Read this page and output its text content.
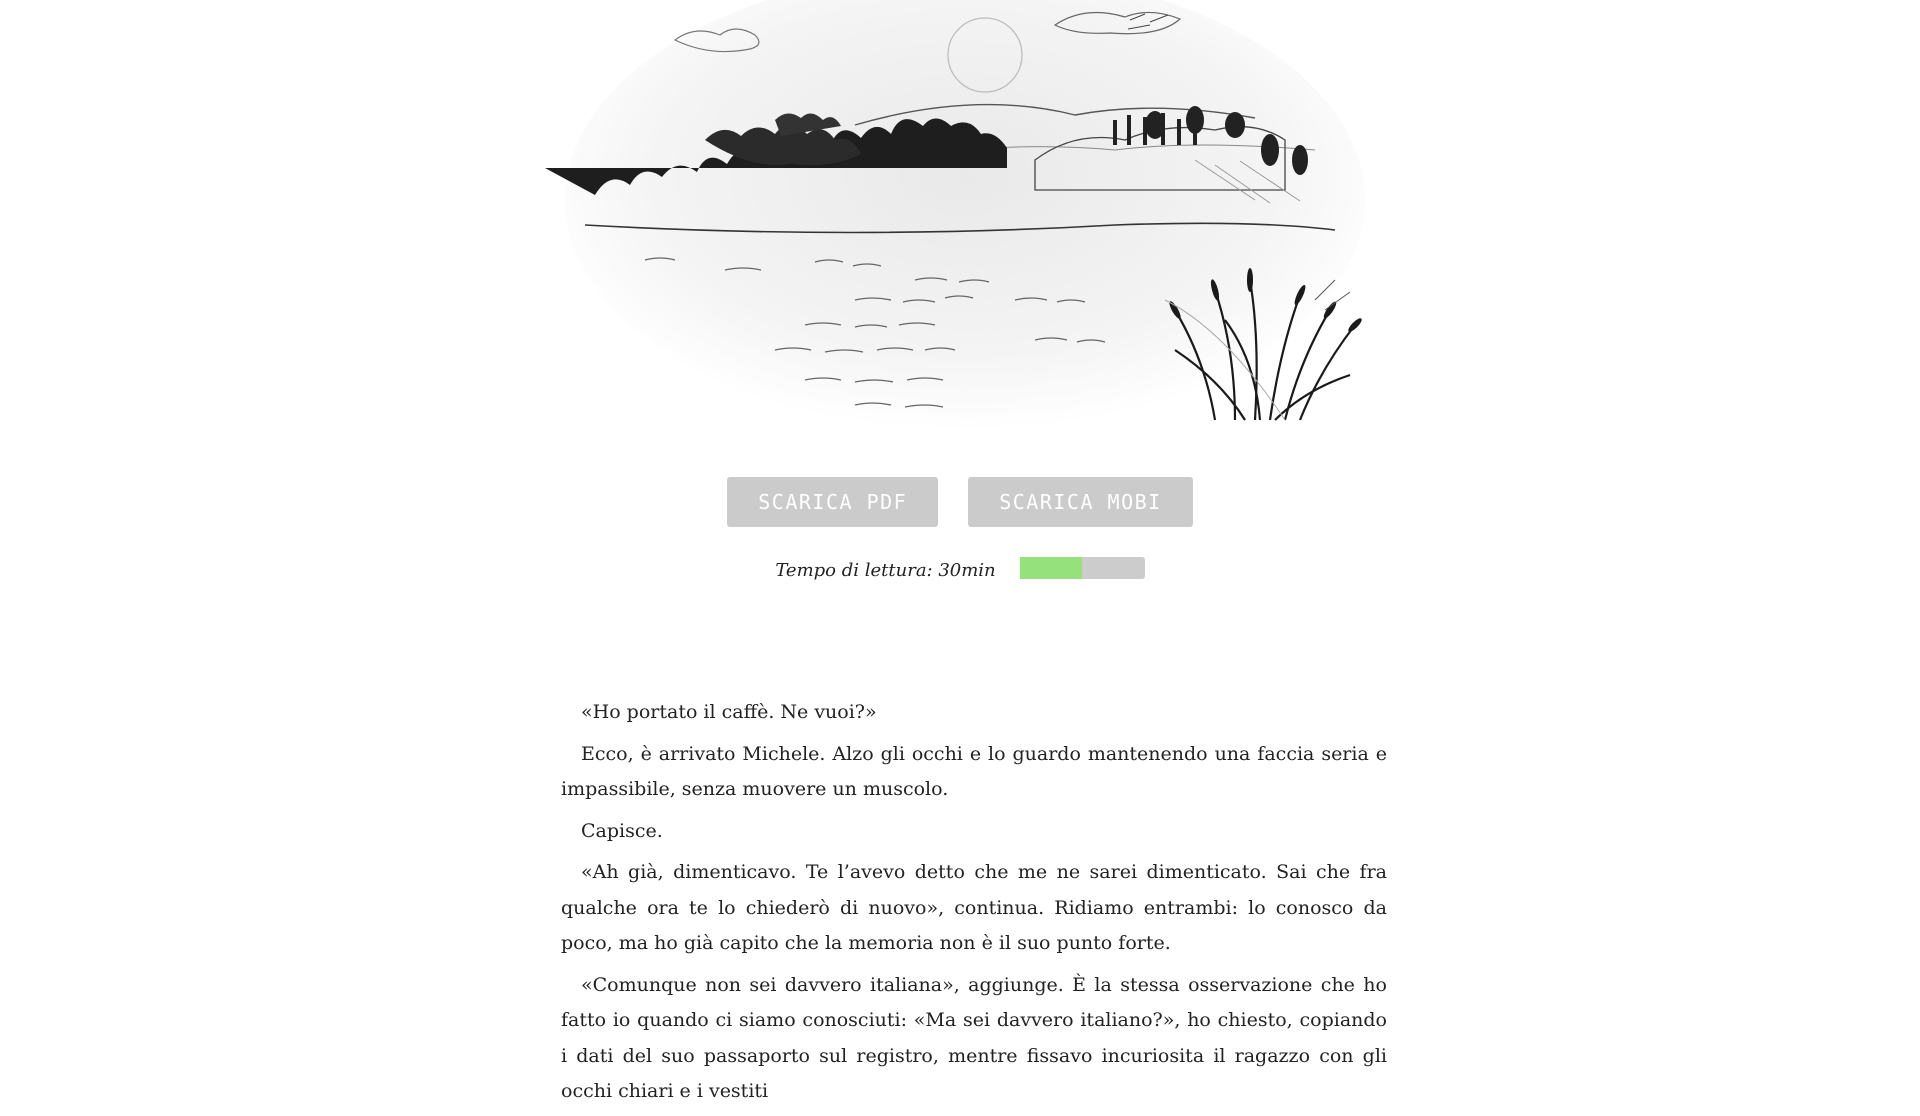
SCARICA PDF	SCARICA MOBI
Tempo di lettura: 30min

«Ho portato il caffè. Ne vuoi?»

Ecco, è arrivato Michele. Alzo gli occhi e lo guardo mantenendo una faccia seria e impassibile, senza muovere un muscolo.

Capisce.

«Ah già, dimenticavo. Te l’avevo detto che me ne sarei dimenticato. Sai che fra qualche ora te lo chiederò di nuovo», continua. Ridiamo entrambi: lo conosco da poco, ma ho già capito che la memoria non è il suo punto forte.

«Comunque non sei davvero italiana», aggiunge. È la stessa osservazione che ho fatto io quando ci siamo conosciuti: «Ma sei davvero italiano?», ho chiesto, copiando i dati del suo passaporto sul registro, mentre fissavo incuriosita il ragazzo con gli occhi chiari e i vestiti
